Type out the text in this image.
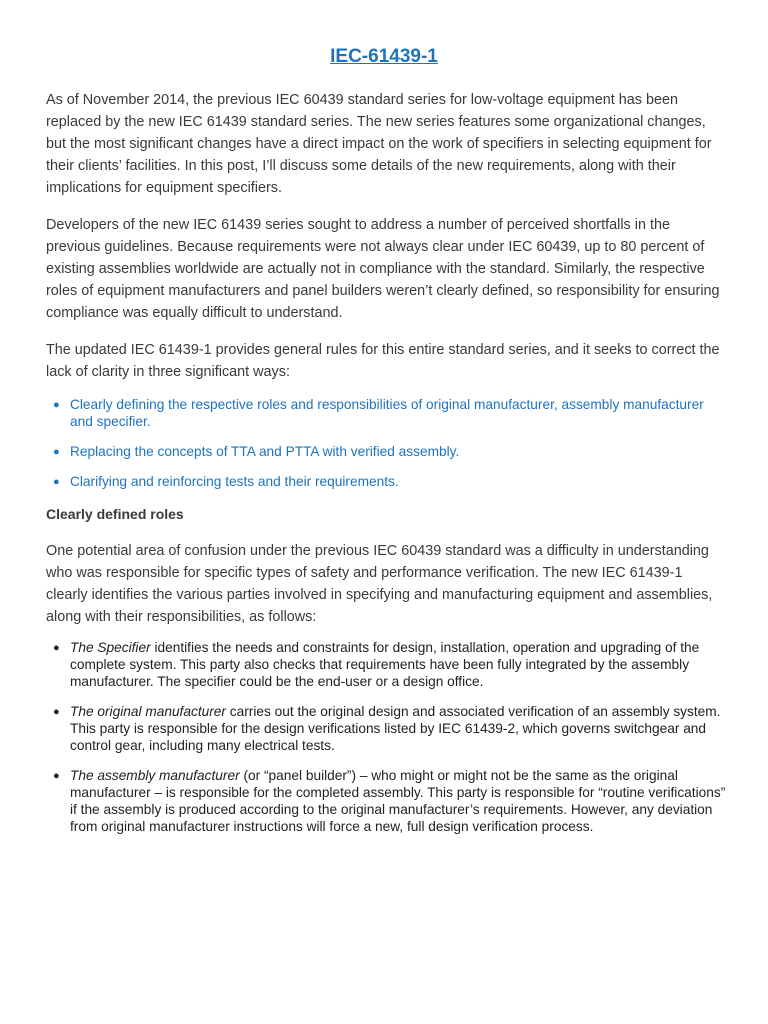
IEC-61439-1

As of November 2014, the previous IEC 60439 standard series for low-voltage equipment has been replaced by the new IEC 61439 standard series. The new series features some organizational changes, but the most significant changes have a direct impact on the work of specifiers in selecting equipment for their clients’ facilities. In this post, I’ll discuss some details of the new requirements, along with their implications for equipment specifiers.

Developers of the new IEC 61439 series sought to address a number of perceived shortfalls in the previous guidelines. Because requirements were not always clear under IEC 60439, up to 80 percent of existing assemblies worldwide are actually not in compliance with the standard. Similarly, the respective roles of equipment manufacturers and panel builders weren’t clearly defined, so responsibility for ensuring compliance was equally difficult to understand.

The updated IEC 61439-1 provides general rules for this entire standard series, and it seeks to correct the lack of clarity in three significant ways:

● Clearly defining the respective roles and responsibilities of original manufacturer, assembly manufacturer and specifier.
● Replacing the concepts of TTA and PTTA with verified assembly.
● Clarifying and reinforcing tests and their requirements.
Clearly defined roles

One potential area of confusion under the previous IEC 60439 standard was a difficulty in understanding who was responsible for specific types of safety and performance verification. The new IEC 61439-1 clearly identifies the various parties involved in specifying and manufacturing equipment and assemblies, along with their responsibilities, as follows:

● The Specifier identifies the needs and constraints for design, installation, operation and upgrading of the complete system. This party also checks that requirements have been fully integrated by the assembly manufacturer. The specifier could be the end-user or a design office.
● The original manufacturer carries out the original design and associated verification of an assembly system. This party is responsible for the design verifications listed by IEC 61439-2, which governs switchgear and control gear, including many electrical tests.
● The assembly manufacturer (or “panel builder”) – who might or might not be the same as the original manufacturer – is responsible for the completed assembly. This party is responsible for “routine verifications” if the assembly is produced according to the original manufacturer’s requirements. However, any deviation from original manufacturer instructions will force a new, full design verification process.
